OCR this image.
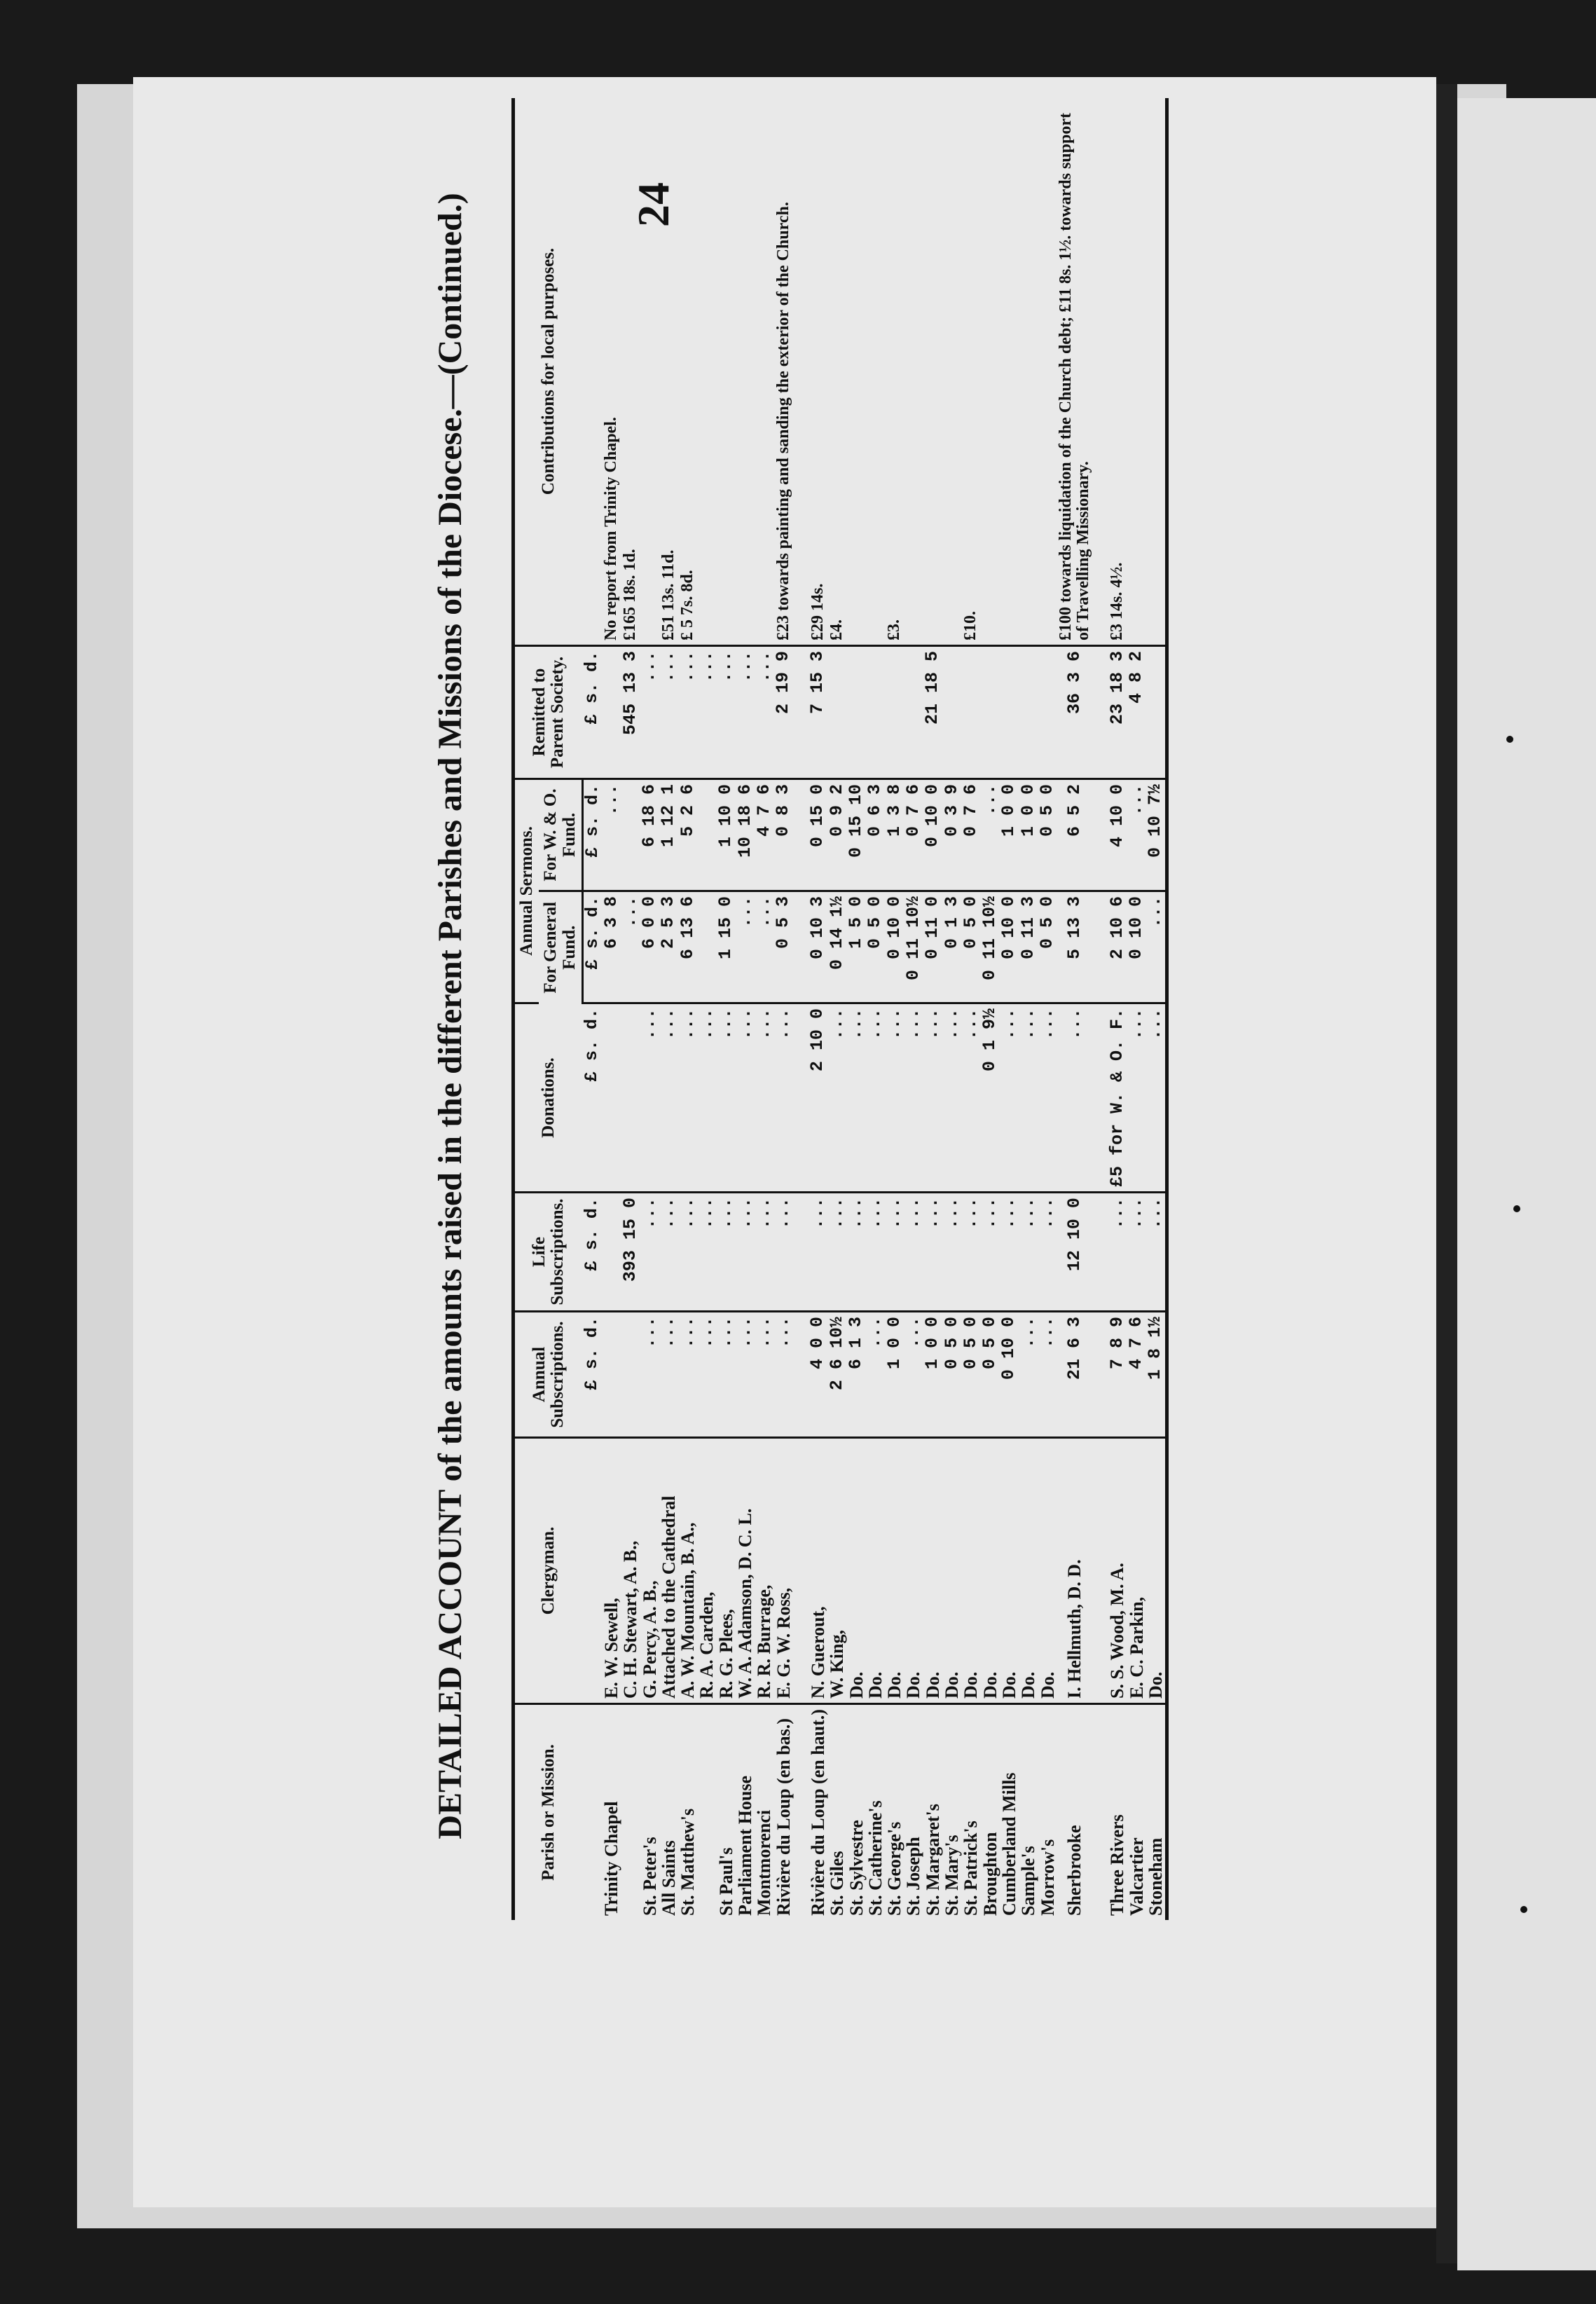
24
DETAILED ACCOUNT of the amounts raised in the different Parishes and Missions of the Diocese.—(Continued.)	Parish or Mission.	Clergyman.	Annual Subscriptions.	Life Subscriptions.	Donations.	Annual Sermons.		Remitted to Parent Society.	Contributions for local purposes.
					For General Fund.	For W. & O. Fund.		
		£ s. d.	£ s. d.	£ s. d.	£ s. d.	£ s. d.	£ s. d.	
Trinity Chapel	E. W. Sewell,				6 3 8	...		No report from Trinity Chapel.
	C. H. Stewart, A. B.,		393 15 0		...		545 13 3	£165 18s. 1d.
St. Peter's	G. Percy, A. B.,	...	...	...	6 0 0	6 18 6	...	
All Saints	Attached to the Cathedral	...	...	...	2 5 3	1 12 1	...	£51 13s. 11d.
St. Matthew's	A. W. Mountain, B. A.,	...	...	...	6 13 6	5 2 6	...	£ 5 7s. 8d.
	R. A. Carden,	...	...	...			...	
St Paul's	R. G. Plees,	...	...	...	1 15 0	1 10 0	...	
Parliament House	W. A. Adamson, D. C. L.	...	...	...	...	10 18 6	...	
Montmorenci	R. R. Burrage,	...	...	...	...	4 7 6	...	
Rivière du Loup (en bas.)	E. G. W. Ross,	...	...	...	0 5 3	0 8 3	2 19 9	£23 towards painting and sanding the exterior of the Church.

Rivière du Loup (en haut.)	N. Guerout,	4 0 0	...	2 10 0	0 10 3	0 15 0	7 15 3	£29 14s.
St. Giles	W. King,	2 6 10½	...	...	0 14 1½	0 9 2		£4.
St. Sylvestre	Do.	6 1 3	...	...	1 5 0	0 15 10		
St. Catherine's	Do.	...	...	...	0 5 0	0 6 3		
St. George's	Do.	1 0 0	...	...	0 10 0	1 3 8		£3.
St. Joseph	Do.	...	...	...	0 11 10½	0 7 6		
St. Margaret's	Do.	1 0 0	...	...	0 11 0	0 10 0	21 18 5	
St. Mary's	Do.	0 5 0	...	...	0 1 3	0 3 9		
St. Patrick's	Do.	0 5 0	...	...	0 5 0	0 7 6		£10.
Broughton	Do.	0 5 0	...	0 1 9½	0 11 10½	...		
Cumberland Mills	Do.	0 10 0	...	...	0 10 0	1 0 0		
Sample's	Do.	...	...	...	0 11 3	1 0 0		
Morrow's	Do.	...	...	...	0 5 0	0 5 0		
Sherbrooke	I. Hellmuth, D. D.	21 6 3	12 10 0	...	5 13 3	6 5 2	36 3 6	£100 towards liquidation of the Church debt; £11 8s. 1½. towards support of Travelling Missionary.

Three Rivers	S. S. Wood, M. A.	7 8 9	...	£5 for W. & O. F.	2 10 6	4 10 0	23 18 3	£3 14s. 4½.
Valcartier	E. C. Parkin,	4 7 6	...	...	0 10 0	...	4 8 2	
Stoneham	Do.	1 8 1½	...	...	...	0 10 7½		
